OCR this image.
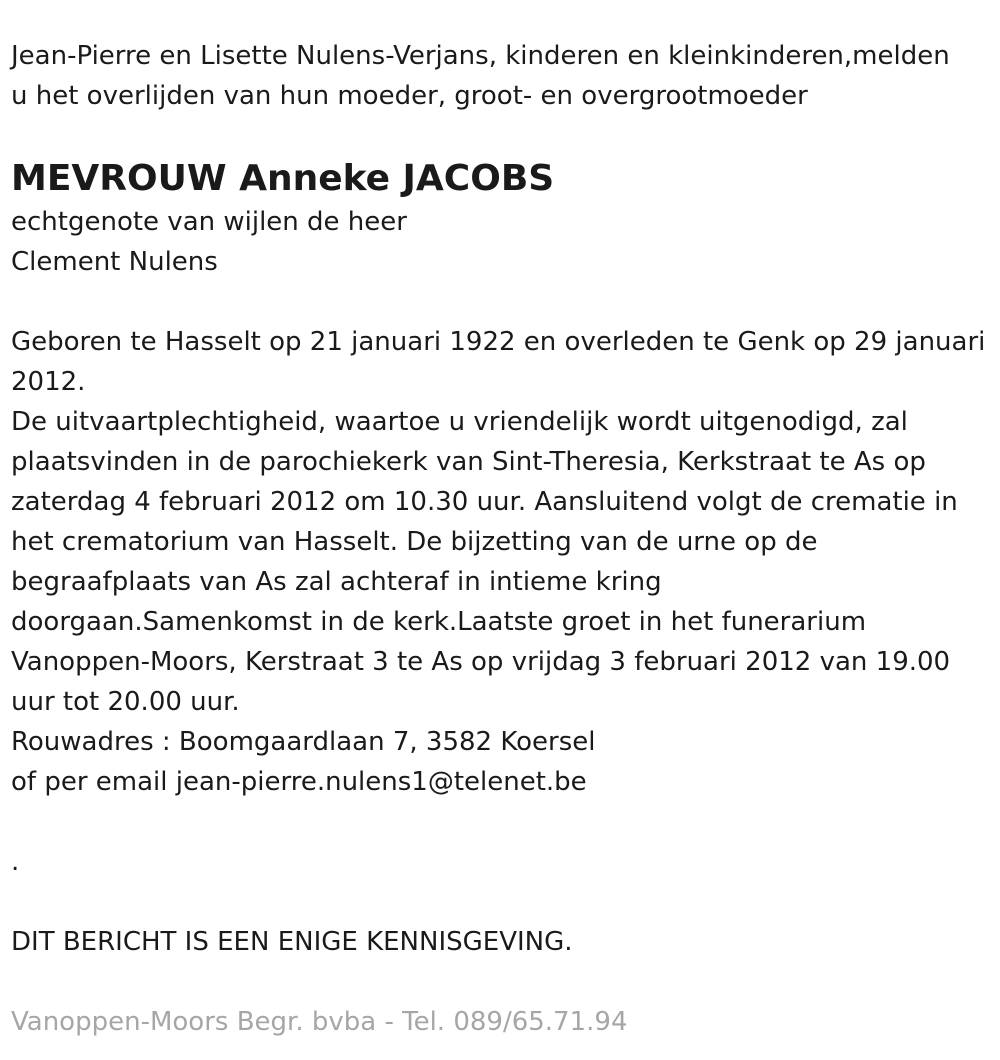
Jean-Pierre en Lisette Nulens-Verjans, kinderen en kleinkinderen,melden
u het overlijden van hun moeder, groot- en overgrootmoeder
MEVROUW Anneke JACOBS
echtgenote van wijlen de heer
Clement Nulens
Geboren te Hasselt op 21 januari 1922 en overleden te Genk op 29 januari
2012.
De uitvaartplechtigheid, waartoe u vriendelijk wordt uitgenodigd, zal
plaatsvinden in de parochiekerk van Sint-Theresia, Kerkstraat te As op
zaterdag 4 februari 2012 om 10.30 uur. Aansluitend volgt de crematie in
het crematorium van Hasselt. De bijzetting van de urne op de
begraafplaats van As zal achteraf in intieme kring
doorgaan.Samenkomst in de kerk.Laatste groet in het funerarium
Vanoppen-Moors, Kerstraat 3 te As op vrijdag 3 februari 2012 van 19.00
uur tot 20.00 uur.
Rouwadres : Boomgaardlaan 7, 3582 Koersel
of per email jean-pierre.nulens1@telenet.be
.
DIT BERICHT IS EEN ENIGE KENNISGEVING.
Vanoppen-Moors Begr. bvba - Tel. 089/65.71.94
